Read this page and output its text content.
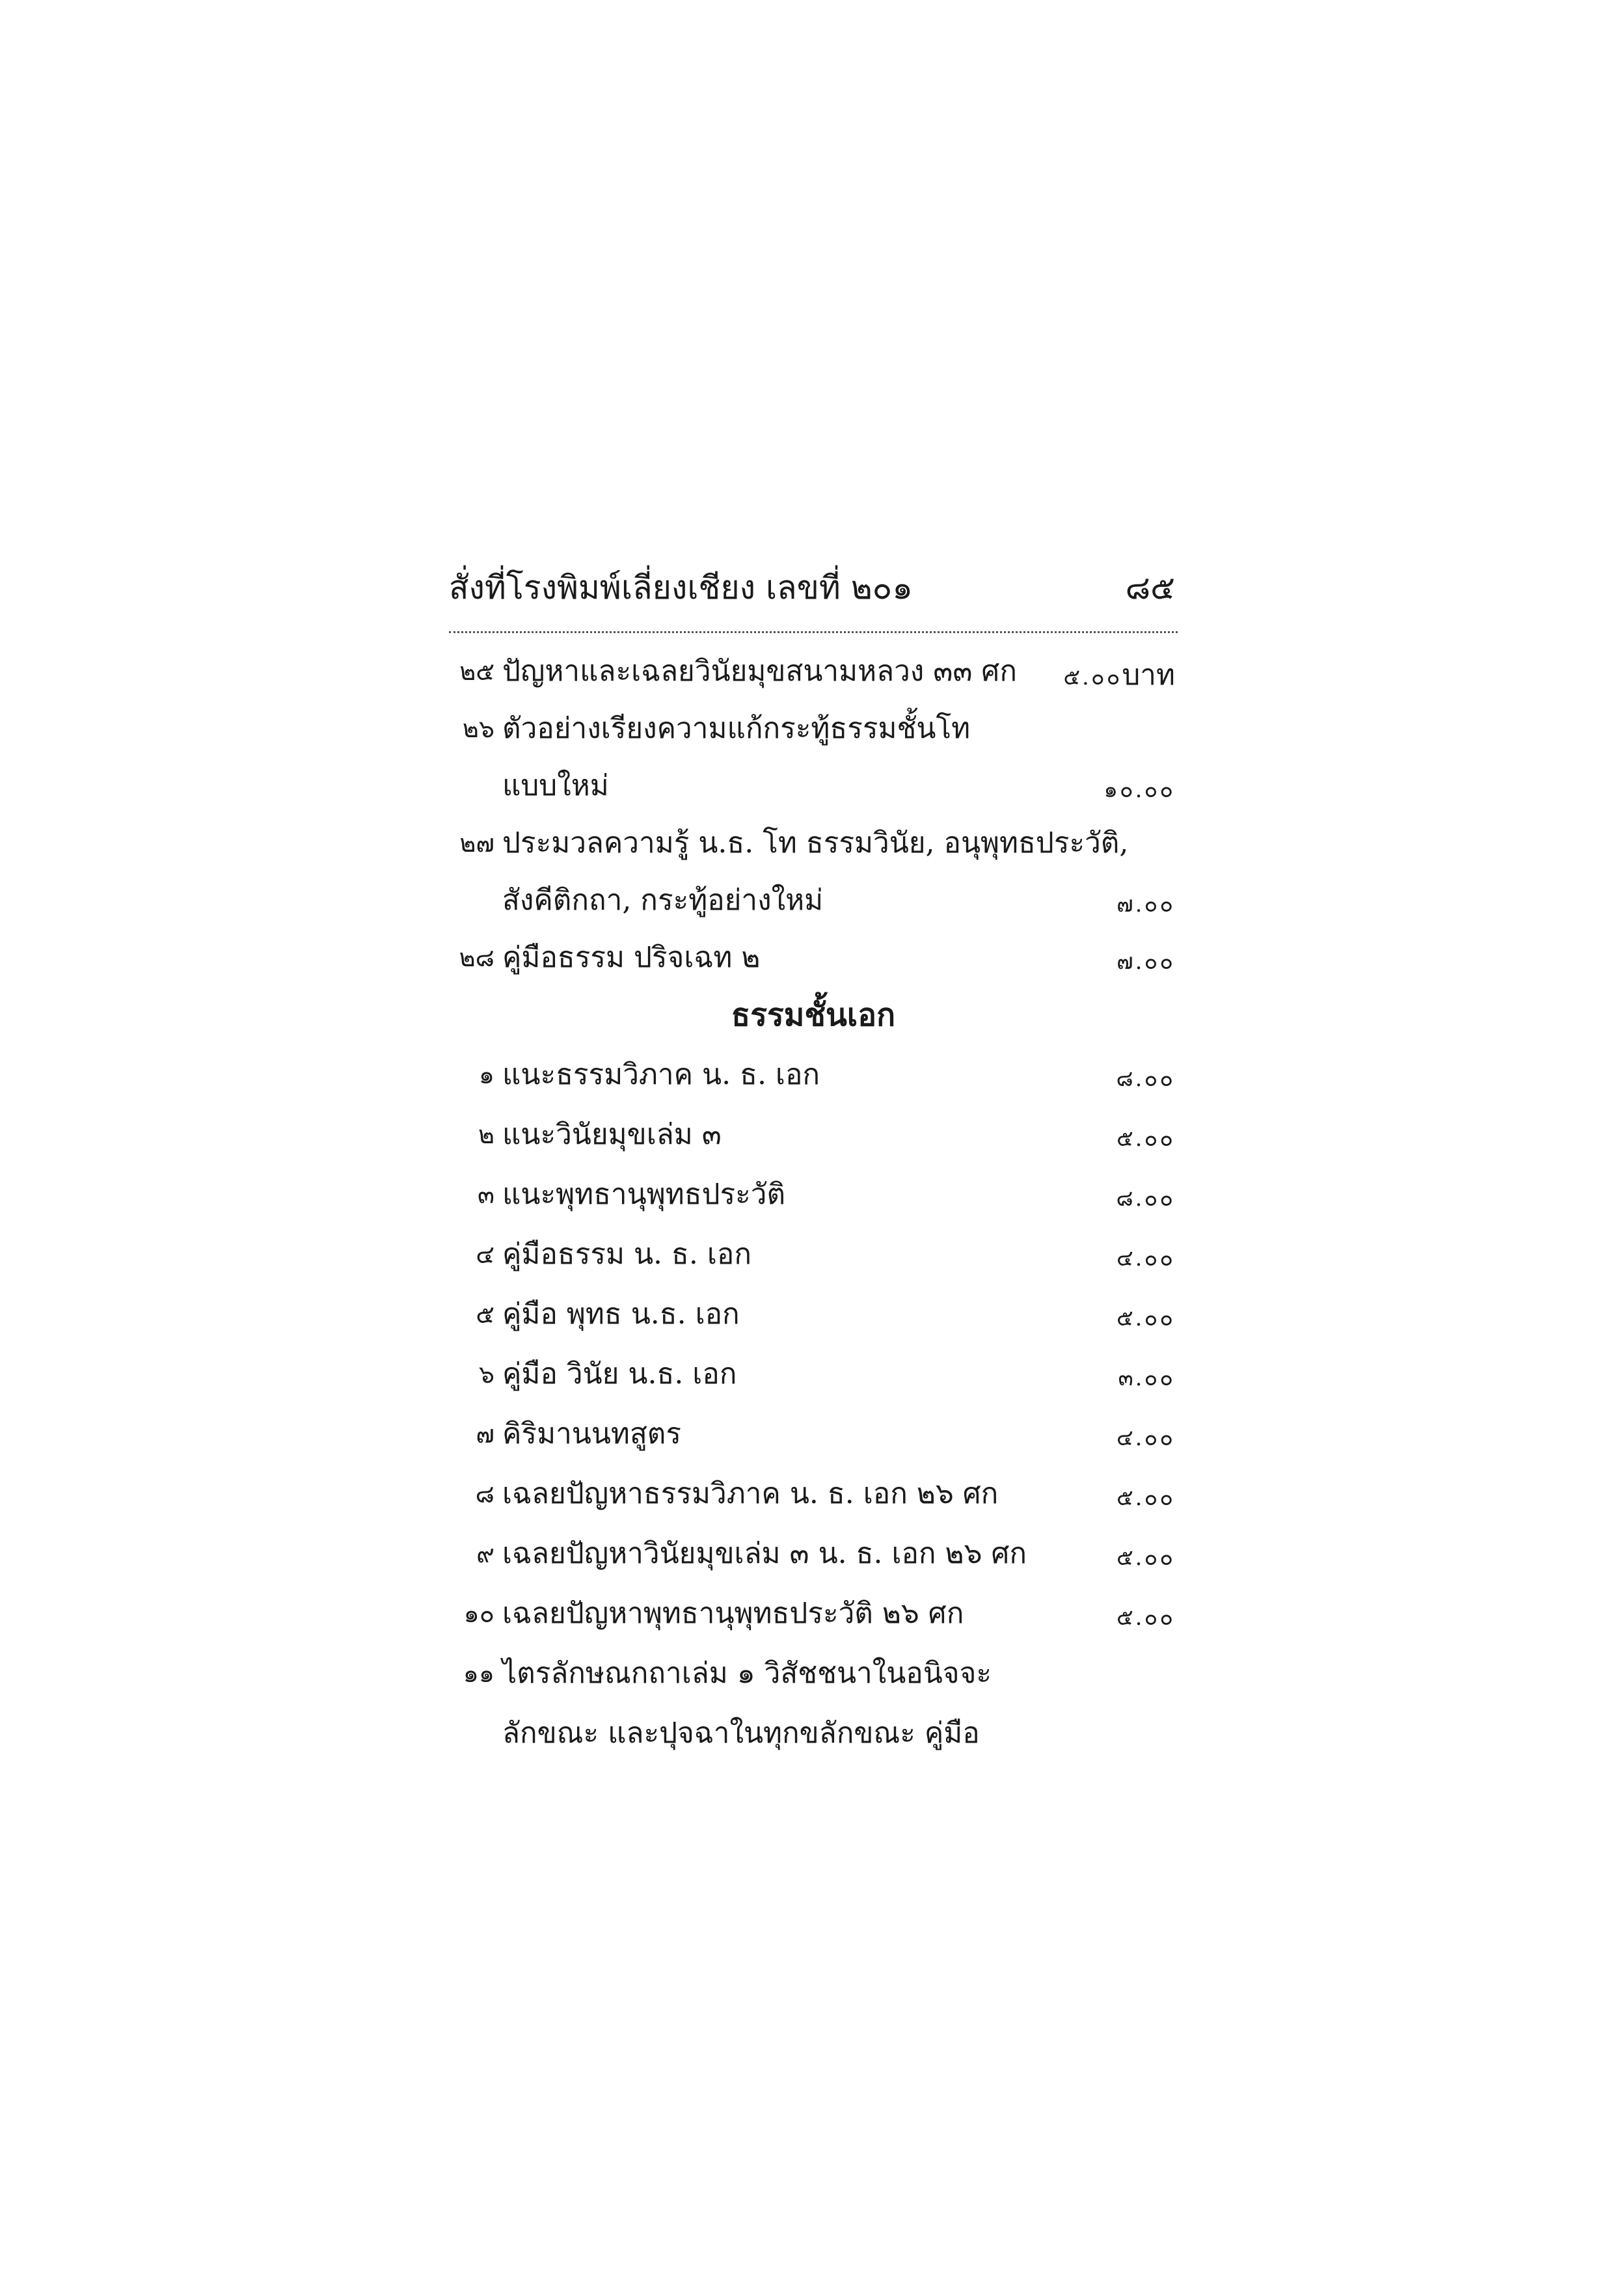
สั่งที่โรงพิมพ์เลี่ยงเชียง เลขที่ ๒๐๑	๘๕
๒๕ ปัญหาและเฉลยวินัยมุขสนามหลวง ๓๓ ศก ๕.๐๐บาท
๒๖ ตัวอย่างเรียงความแก้กระทู้ธรรมชั้นโท
แบบใหม่	๑๐.๐๐
๒๗ ประมวลความรู้ น.ธ. โท ธรรมวินัย, อนุพุทธประวัติ,
สังคีติกถา, กระทู้อย่างใหม่	๗.๐๐
๒๘ คู่มือธรรม ปริจเฉท ๒	๗.๐๐
ธรรมชั้นเอก
๑ แนะธรรมวิภาค น. ธ. เอก	๘.๐๐
๒ แนะวินัยมุขเล่ม ๓	๕.๐๐
๓ แนะพุทธานุพุทธประวัติ	๘.๐๐
๔ คู่มือธรรม น. ธ. เอก	๔.๐๐
๕ คู่มือ พุทธ น.ธ. เอก	๕.๐๐
๖ คู่มือ วินัย น.ธ. เอก	๓.๐๐
๗ คิริมานนทสูตร	๔.๐๐
๘ เฉลยปัญหาธรรมวิภาค น. ธ. เอก ๒๖ ศก	๕.๐๐
๙ เฉลยปัญหาวินัยมุขเล่ม ๓ น. ธ. เอก ๒๖ ศก	๕.๐๐
๑๐ เฉลยปัญหาพุทธานุพุทธประวัติ ๒๖ ศก	๕.๐๐
๑๑ ไตรลักษณกถาเล่ม ๑ วิสัชชนาในอนิจจะ
ลักขณะ และปุจฉาในทุกขลักขณะ คู่มือ
